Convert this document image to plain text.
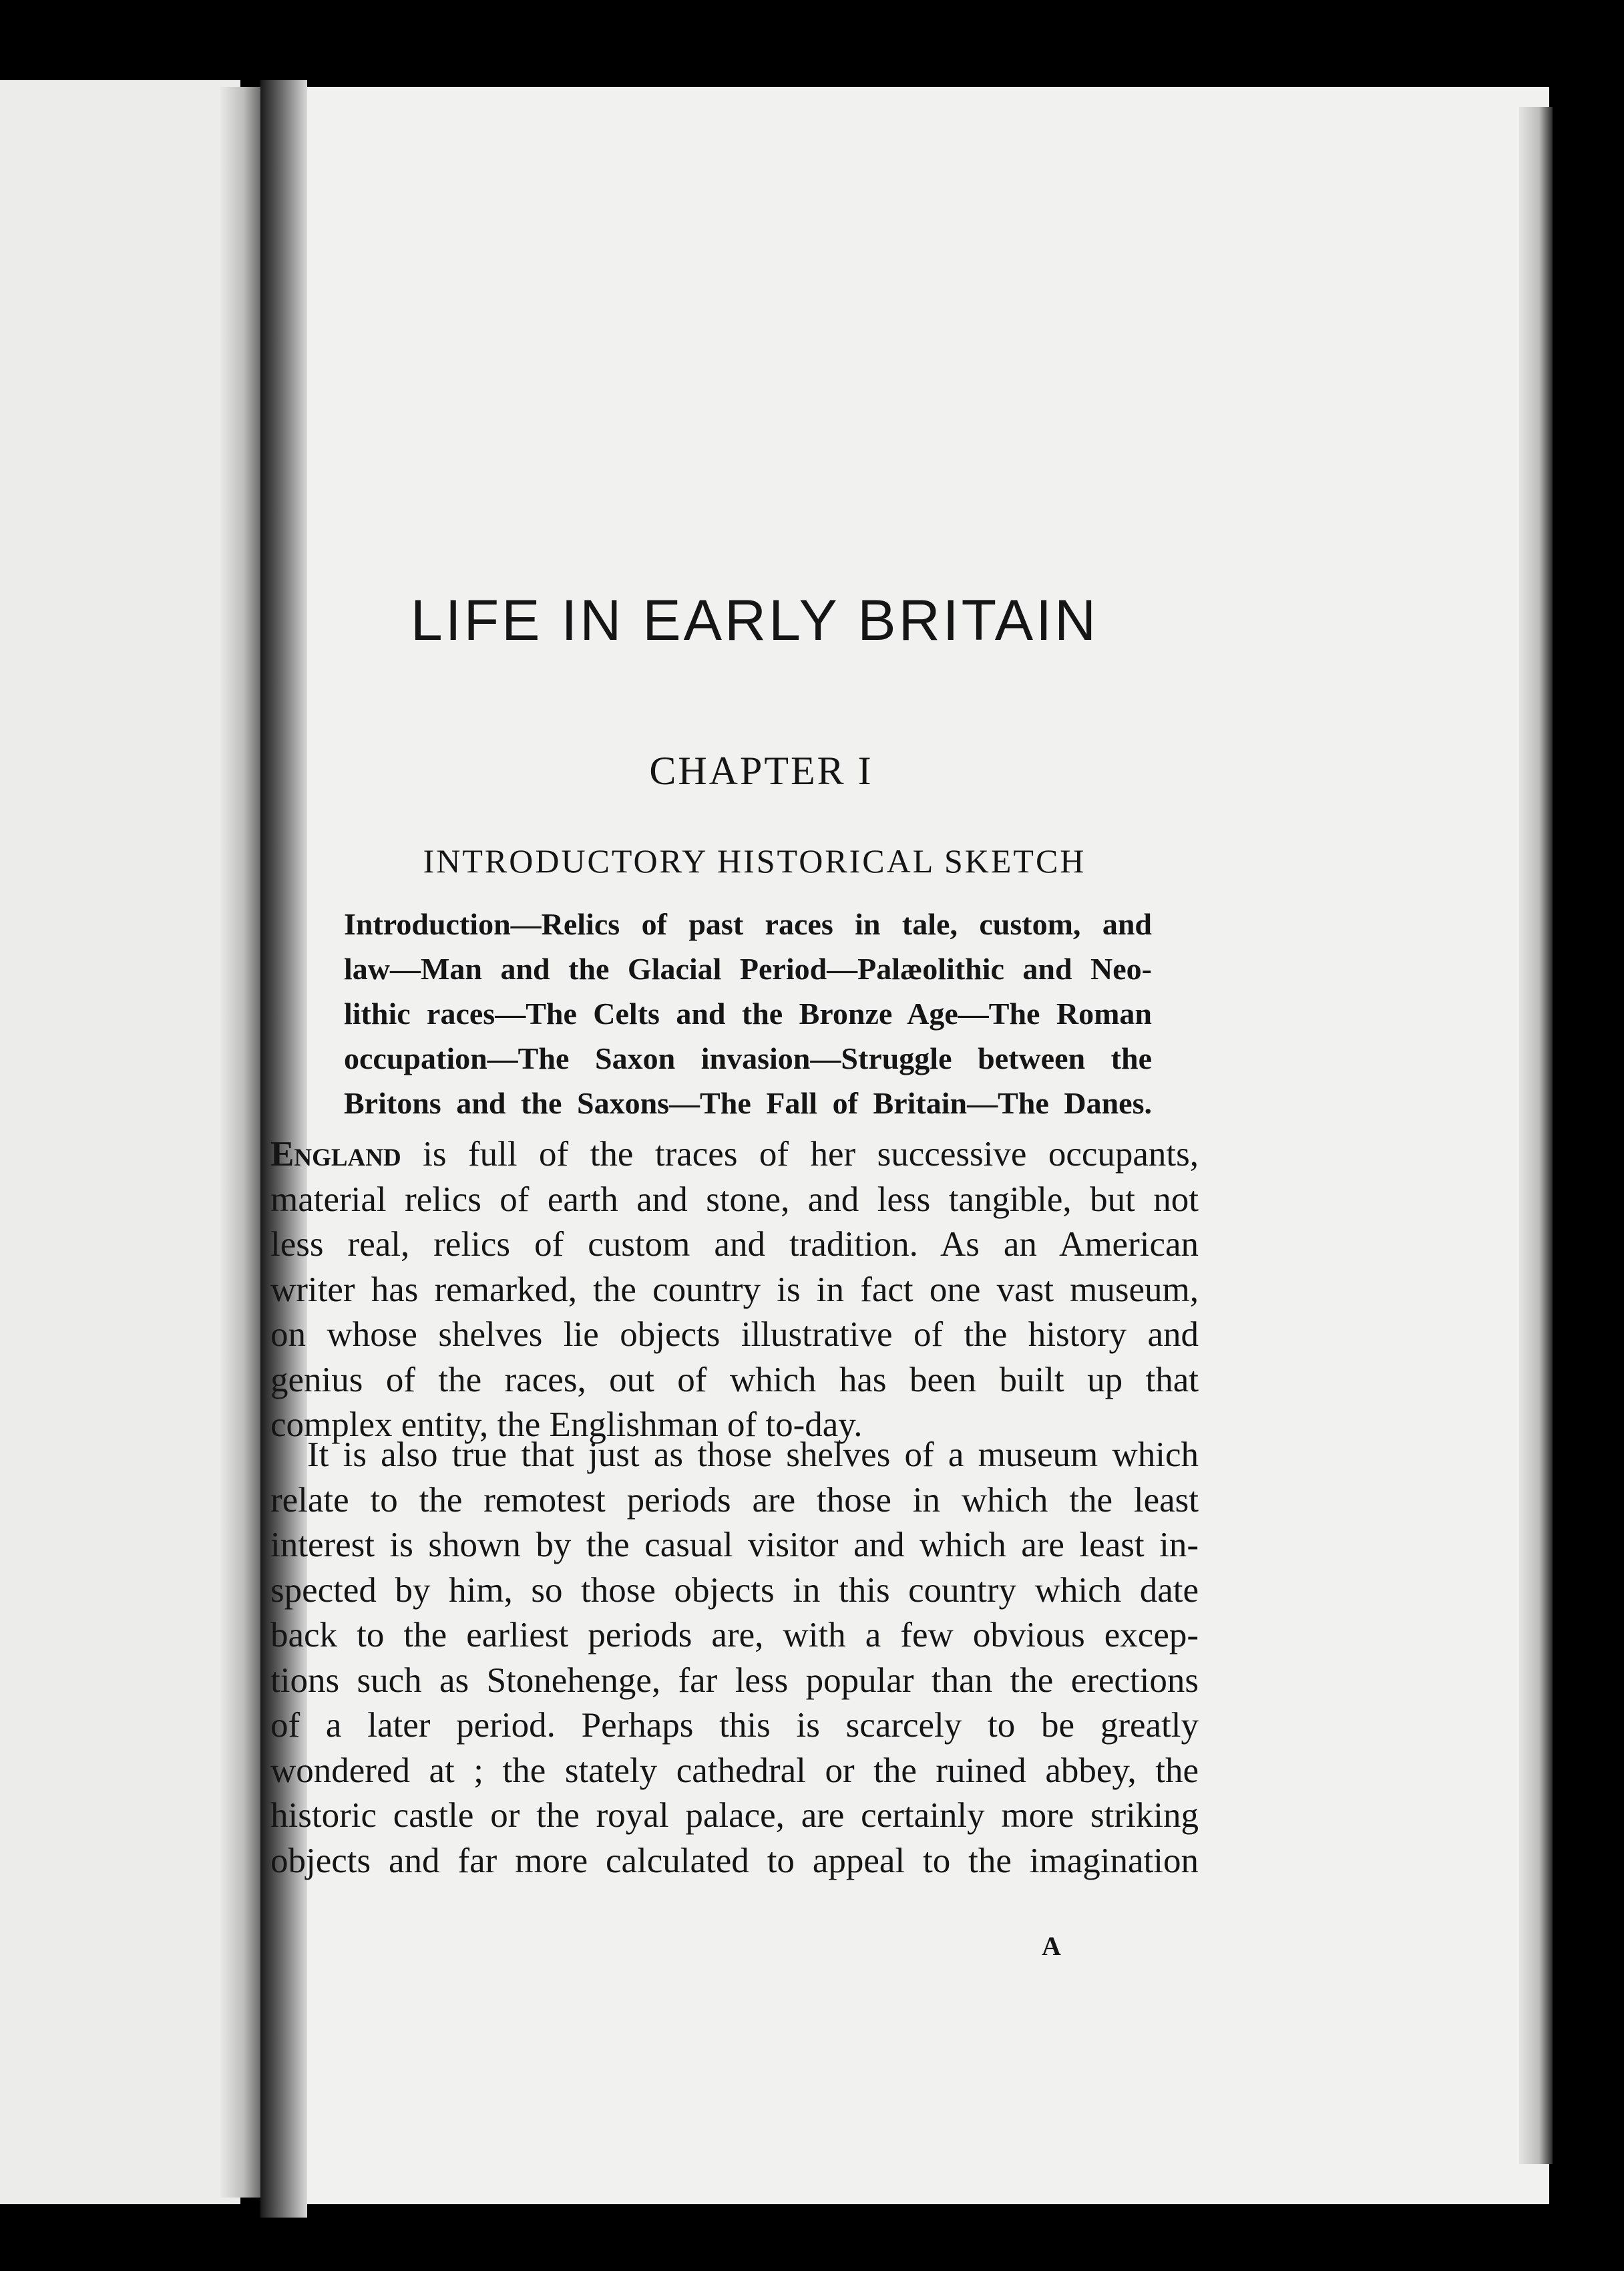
LIFE IN EARLY BRITAIN
CHAPTER I
INTRODUCTORY HISTORICAL SKETCH
Introduction—Relics of past races in tale, custom, and
law—Man and the Glacial Period—Palæolithic and Neo-
lithic races—The Celts and the Bronze Age—The Roman
occupation—The Saxon invasion—Struggle between the
Britons and the Saxons—The Fall of Britain—The Danes.
England is full of the traces of her successive occupants,
material relics of earth and stone, and less tangible, but not
less real, relics of custom and tradition. As an American
writer has remarked, the country is in fact one vast museum,
on whose shelves lie objects illustrative of the history and
genius of the races, out of which has been built up that
complex entity, the Englishman of to-day.
It is also true that just as those shelves of a museum which
relate to the remotest periods are those in which the least
interest is shown by the casual visitor and which are least in-
spected by him, so those objects in this country which date
back to the earliest periods are, with a few obvious excep-
tions such as Stonehenge, far less popular than the erections
of a later period. Perhaps this is scarcely to be greatly
wondered at ; the stately cathedral or the ruined abbey, the
historic castle or the royal palace, are certainly more striking
objects and far more calculated to appeal to the imagination
A
